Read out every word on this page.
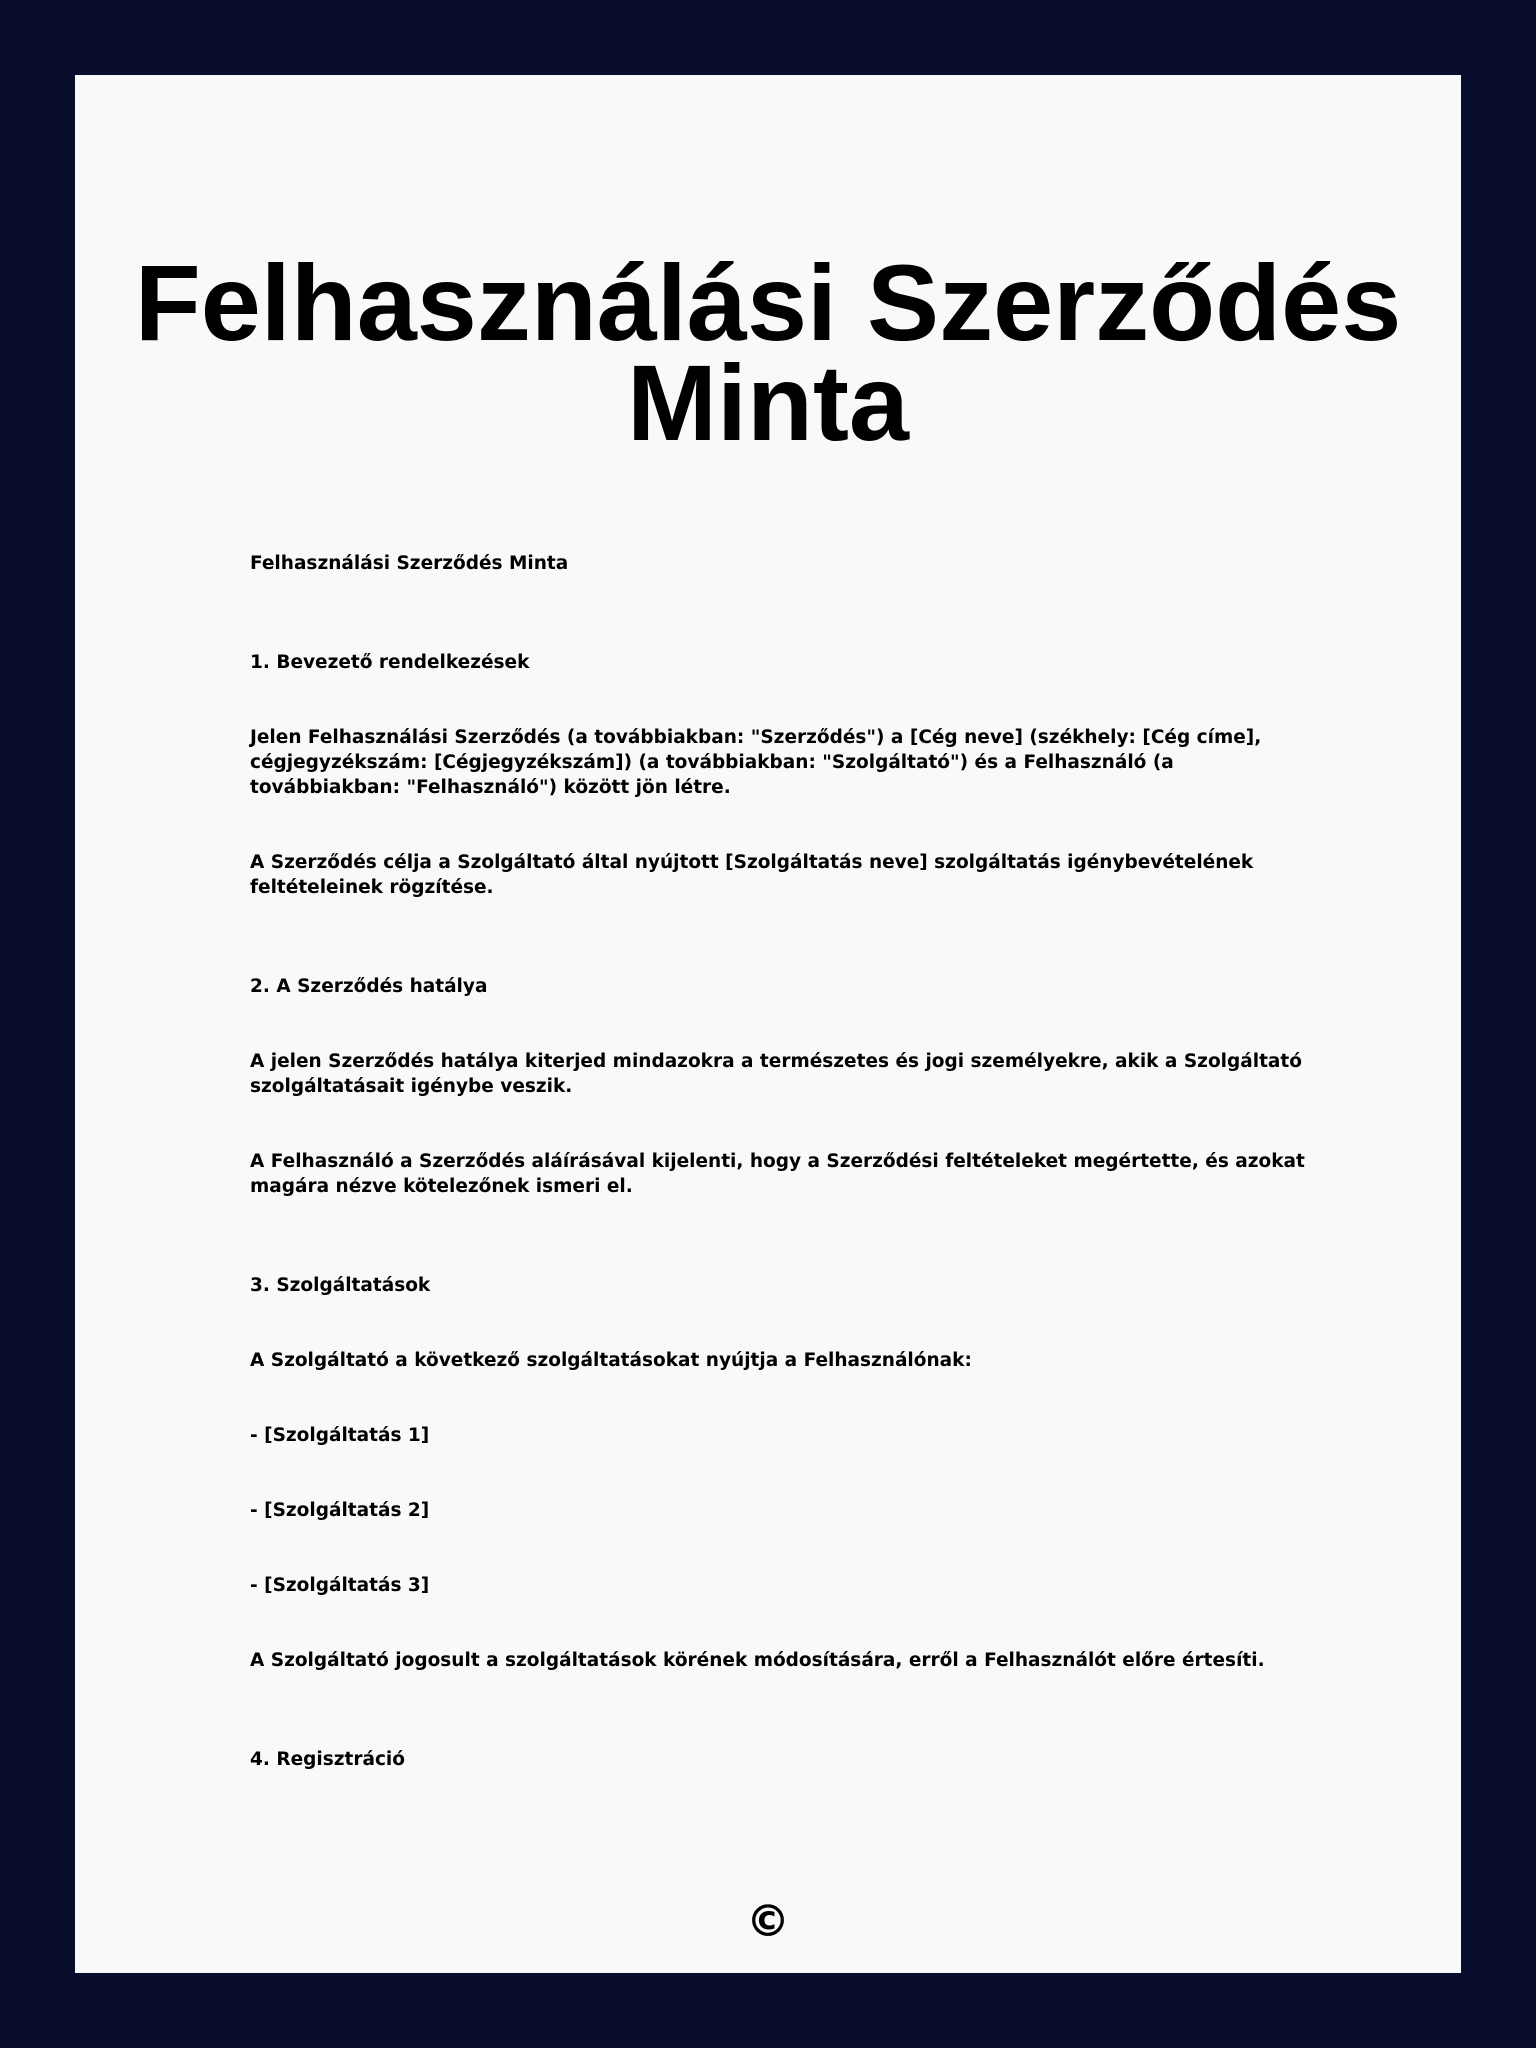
Felhasználási Szerződés Minta

Felhasználási Szerződés Minta

1. Bevezető rendelkezések

Jelen Felhasználási Szerződés (a továbbiakban: "Szerződés") a [Cég neve] (székhely: [Cég címe], cégjegyzékszám: [Cégjegyzékszám]) (a továbbiakban: "Szolgáltató") és a Felhasználó (a továbbiakban: "Felhasználó") között jön létre.

A Szerződés célja a Szolgáltató által nyújtott [Szolgáltatás neve] szolgáltatás igénybevételének feltételeinek rögzítése.

2. A Szerződés hatálya

A jelen Szerződés hatálya kiterjed mindazokra a természetes és jogi személyekre, akik a Szolgáltató szolgáltatásait igénybe veszik.

A Felhasználó a Szerződés aláírásával kijelenti, hogy a Szerződési feltételeket megértette, és azokat magára nézve kötelezőnek ismeri el.

3. Szolgáltatások

A Szolgáltató a következő szolgáltatásokat nyújtja a Felhasználónak:

- [Szolgáltatás 1]

- [Szolgáltatás 2]

- [Szolgáltatás 3]

A Szolgáltató jogosult a szolgáltatások körének módosítására, erről a Felhasználót előre értesíti.

4. Regisztráció

©
